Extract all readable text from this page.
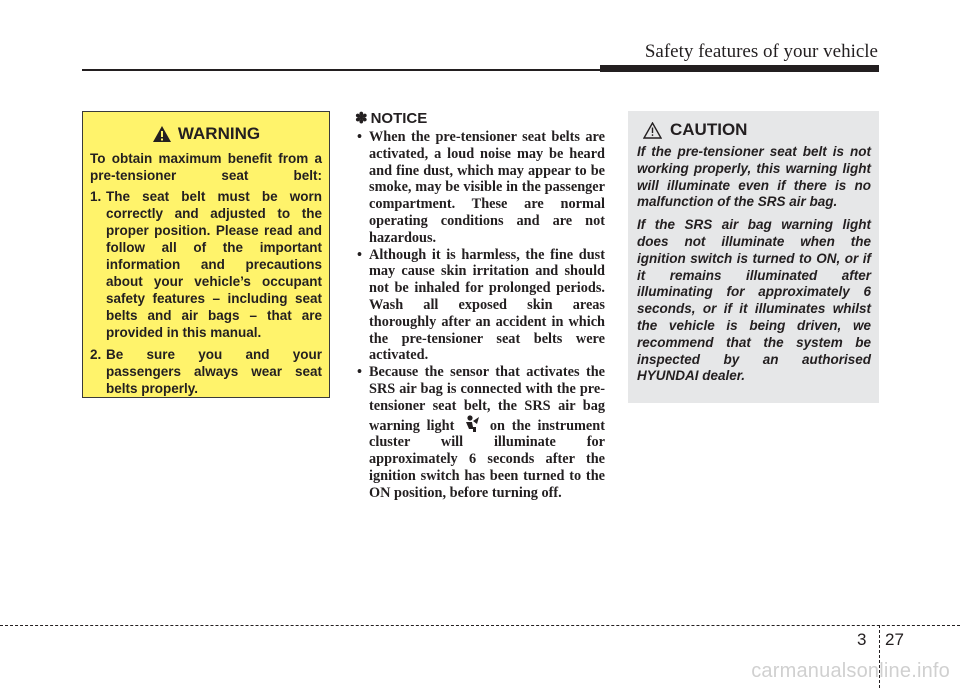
Safety features of your vehicle
WARNING

To obtain maximum benefit from a pre-tensioner seat belt:

1. The seat belt must be worn correctly and adjusted to the proper position. Please read and follow all of the important information and precautions about your vehicle’s occupant safety features – including seat belts and air bags – that are provided in this manual.
2. Be sure you and your passengers always wear seat belts properly.
✽ NOTICE
• When the pre-tensioner seat belts are activated, a loud noise may be heard and fine dust, which may appear to be smoke, may be visible in the passenger compartment. These are normal operating conditions and are not hazardous.
• Although it is harmless, the fine dust may cause skin irritation and should not be inhaled for prolonged periods. Wash all exposed skin areas thoroughly after an accident in which the pre-tensioner seat belts were activated.
• Because the sensor that activates the SRS air bag is connected with the pre-tensioner seat belt, the SRS air bag warning light on the instrument cluster will illuminate for approximately 6 seconds after the ignition switch has been turned to the ON position, before turning off.
CAUTION

If the pre-tensioner seat belt is not working properly, this warning light will illuminate even if there is no malfunction of the SRS air bag.

If the SRS air bag warning light does not illuminate when the ignition switch is turned to ON, or if it remains illuminated after illuminating for approximately 6 seconds, or if it illuminates whilst the vehicle is being driven, we recommend that the system be inspected by an authorised HYUNDAI dealer.

3 27
carmanualsonline.info
